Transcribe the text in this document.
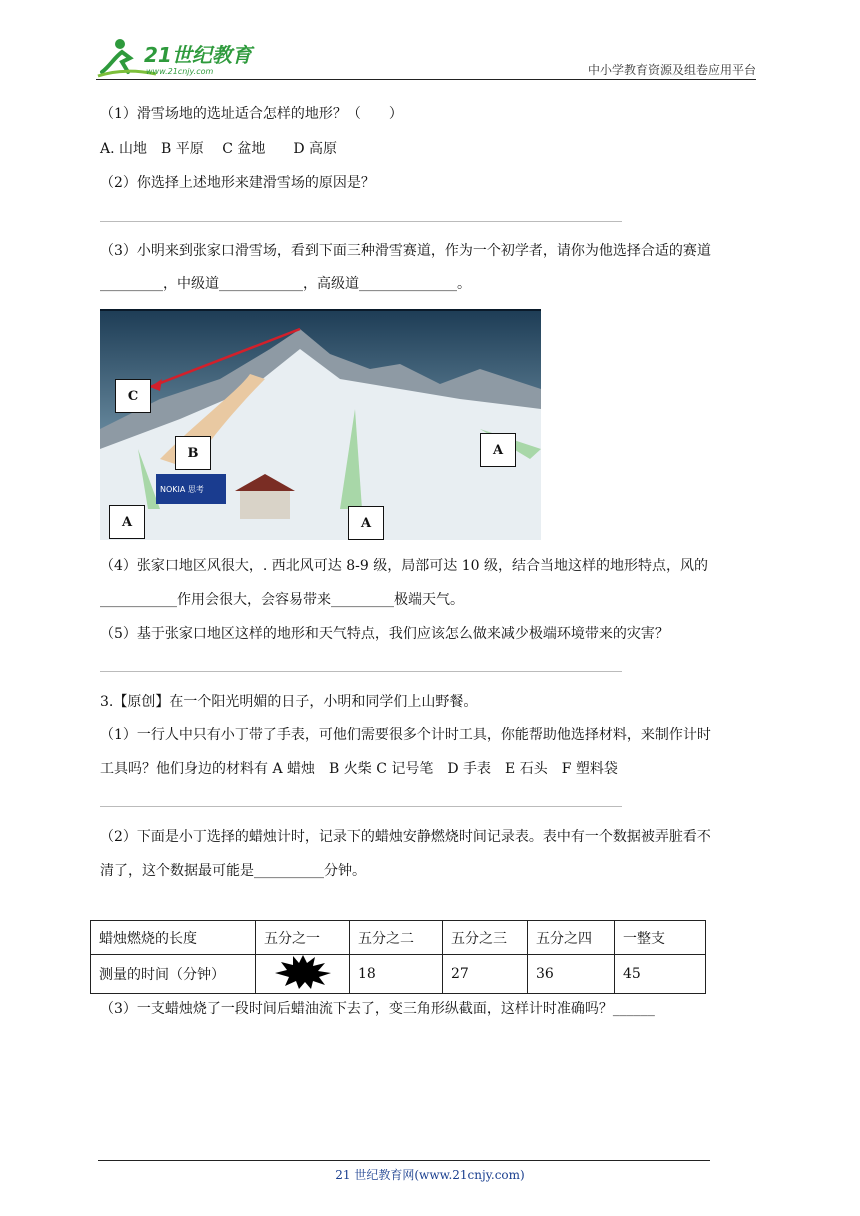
21世纪教育
www.21cnjy.com	中小学教育资源及组卷应用平台
（1）滑雪场地的选址适合怎样的地形？（　　）
A. 山地　B 平原　 C 盆地　　D 高原
（2）你选择上述地形来建滑雪场的原因是？
（3）小明来到张家口滑雪场，看到下面三种滑雪赛道，作为一个初学者，请你为他选择合适的赛道
_________，中级道____________，高级道______________。
NOKIA 思考
C
B	A
A	A
（4）张家口地区风很大，. 西北风可达 8-9 级，局部可达 10 级，结合当地这样的地形特点，风的
___________作用会很大，会容易带来_________极端天气。
（5）基于张家口地区这样的地形和天气特点，我们应该怎么做来减少极端环境带来的灾害？
3.【原创】在一个阳光明媚的日子，小明和同学们上山野餐。
（1）一行人中只有小丁带了手表，可他们需要很多个计时工具，你能帮助他选择材料，来制作计时
工具吗？他们身边的材料有 A 蜡烛　B 火柴 C 记号笔　D 手表　E 石头　F 塑料袋
（2）下面是小丁选择的蜡烛计时，记录下的蜡烛安静燃烧时间记录表。表中有一个数据被弄脏看不
清了，这个数据最可能是__________分钟。
蜡烛燃烧的长度	五分之一	五分之二	五分之三	五分之四	一整支
测量的时间（分钟）		18	27	36	45
（3）一支蜡烛烧了一段时间后蜡油流下去了，变三角形纵截面，这样计时准确吗？______
21 世纪教育网(www.21cnjy.com)
